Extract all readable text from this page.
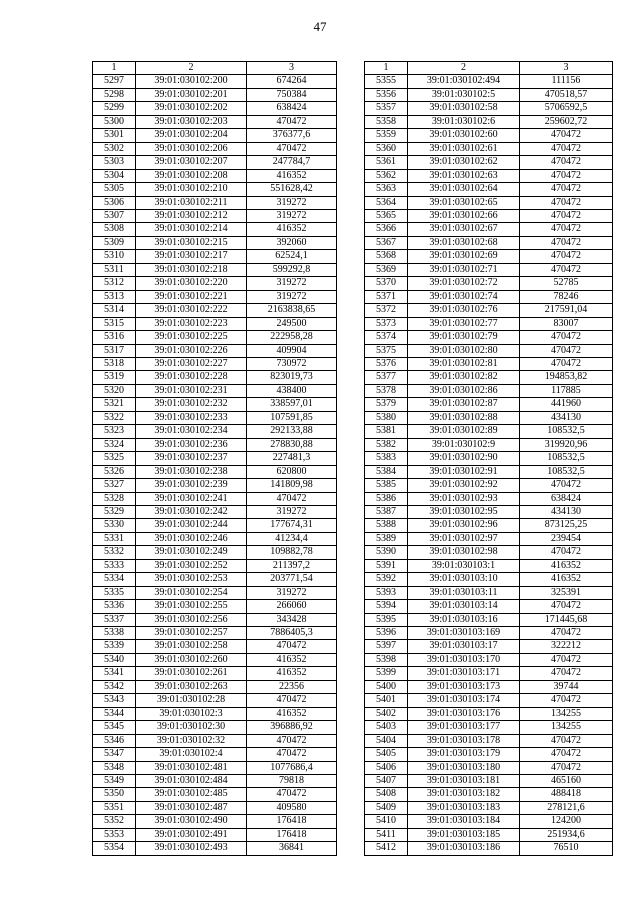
47
1	2	3
5297	39:01:030102:200	674264
5298	39:01:030102:201	750384
5299	39:01:030102:202	638424
5300	39:01:030102:203	470472
5301	39:01:030102:204	376377,6
5302	39:01:030102:206	470472
5303	39:01:030102:207	247784,7
5304	39:01:030102:208	416352
5305	39:01:030102:210	551628,42
5306	39:01:030102:211	319272
5307	39:01:030102:212	319272
5308	39:01:030102:214	416352
5309	39:01:030102:215	392060
5310	39:01:030102:217	62524,1
5311	39:01:030102:218	599292,8
5312	39:01:030102:220	319272
5313	39:01:030102:221	319272
5314	39:01:030102:222	2163838,65
5315	39:01:030102:223	249500
5316	39:01:030102:225	222958,28
5317	39:01:030102:226	409904
5318	39:01:030102:227	730972
5319	39:01:030102:228	823019,73
5320	39:01:030102:231	438400
5321	39:01:030102:232	338597,01
5322	39:01:030102:233	107591,85
5323	39:01:030102:234	292133,88
5324	39:01:030102:236	278830,88
5325	39:01:030102:237	227481,3
5326	39:01:030102:238	620800
5327	39:01:030102:239	141809,98
5328	39:01:030102:241	470472
5329	39:01:030102:242	319272
5330	39:01:030102:244	177674,31
5331	39:01:030102:246	41234,4
5332	39:01:030102:249	109882,78
5333	39:01:030102:252	211397,2
5334	39:01:030102:253	203771,54
5335	39:01:030102:254	319272
5336	39:01:030102:255	266060
5337	39:01:030102:256	343428
5338	39:01:030102:257	7886405,3
5339	39:01:030102:258	470472
5340	39:01:030102:260	416352
5341	39:01:030102:261	416352
5342	39:01:030102:263	22356
5343	39:01:030102:28	470472
5344	39:01:030102:3	416352
5345	39:01:030102:30	396886,92
5346	39:01:030102:32	470472
5347	39:01:030102:4	470472
5348	39:01:030102:481	1077686,4
5349	39:01:030102:484	79818
5350	39:01:030102:485	470472
5351	39:01:030102:487	409580
5352	39:01:030102:490	176418
5353	39:01:030102:491	176418
5354	39:01:030102:493	36841
1	2	3
5355	39:01:030102:494	111156
5356	39:01:030102:5	470518,57
5357	39:01:030102:58	5706592,5
5358	39:01:030102:6	259602,72
5359	39:01:030102:60	470472
5360	39:01:030102:61	470472
5361	39:01:030102:62	470472
5362	39:01:030102:63	470472
5363	39:01:030102:64	470472
5364	39:01:030102:65	470472
5365	39:01:030102:66	470472
5366	39:01:030102:67	470472
5367	39:01:030102:68	470472
5368	39:01:030102:69	470472
5369	39:01:030102:71	470472
5370	39:01:030102:72	52785
5371	39:01:030102:74	78246
5372	39:01:030102:76	217591,04
5373	39:01:030102:77	83007
5374	39:01:030102:79	470472
5375	39:01:030102:80	470472
5376	39:01:030102:81	470472
5377	39:01:030102:82	194853,82
5378	39:01:030102:86	117885
5379	39:01:030102:87	441960
5380	39:01:030102:88	434130
5381	39:01:030102:89	108532,5
5382	39:01:030102:9	319920,96
5383	39:01:030102:90	108532,5
5384	39:01:030102:91	108532,5
5385	39:01:030102:92	470472
5386	39:01:030102:93	638424
5387	39:01:030102:95	434130
5388	39:01:030102:96	873125,25
5389	39:01:030102:97	239454
5390	39:01:030102:98	470472
5391	39:01:030103:1	416352
5392	39:01:030103:10	416352
5393	39:01:030103:11	325391
5394	39:01:030103:14	470472
5395	39:01:030103:16	171445,68
5396	39:01:030103:169	470472
5397	39:01:030103:17	322212
5398	39:01:030103:170	470472
5399	39:01:030103:171	470472
5400	39:01:030103:173	39744
5401	39:01:030103:174	470472
5402	39:01:030103:176	134255
5403	39:01:030103:177	134255
5404	39:01:030103:178	470472
5405	39:01:030103:179	470472
5406	39:01:030103:180	470472
5407	39:01:030103:181	465160
5408	39:01:030103:182	488418
5409	39:01:030103:183	278121,6
5410	39:01:030103:184	124200
5411	39:01:030103:185	251934,6
5412	39:01:030103:186	76510
